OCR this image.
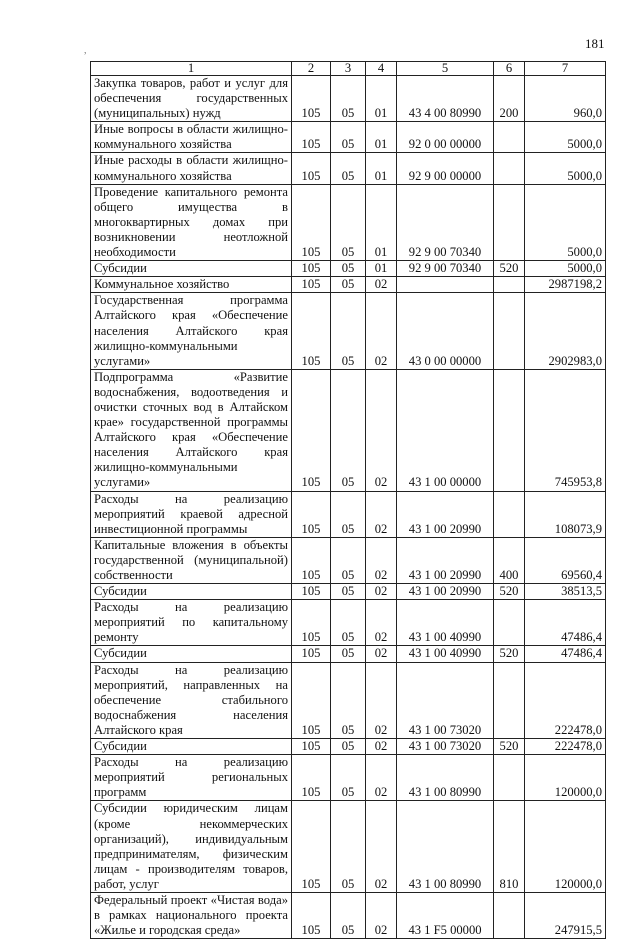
181
,
1	2	3	4	5	6	7
Закупка товаров, работ и услуг для обеспечения государственных (муниципальных) нужд	105	05	01	43 4 00 80990	200	960,0
Иные вопросы в области жилищно-коммунального хозяйства	105	05	01	92 0 00 00000		5000,0
Иные расходы в области жилищно-коммунального хозяйства	105	05	01	92 9 00 00000		5000,0
Проведение капитального ремонта общего имущества в многоквартирных домах при возникновении неотложной необходимости	105	05	01	92 9 00 70340		5000,0
Субсидии	105	05	01	92 9 00 70340	520	5000,0
Коммунальное хозяйство	105	05	02			2987198,2
Государственная программа Алтайского края «Обеспечение населения Алтайского края жилищно-коммунальными услугами»	105	05	02	43 0 00 00000		2902983,0
Подпрограмма «Развитие водоснабжения, водоотведения и очистки сточных вод в Алтайском крае» государственной программы Алтайского края «Обеспечение населения Алтайского края жилищно-коммунальными услугами»	105	05	02	43 1 00 00000		745953,8
Расходы на реализацию мероприятий краевой адресной инвестиционной программы	105	05	02	43 1 00 20990		108073,9
Капитальные вложения в объекты государственной (муниципальной) собственности	105	05	02	43 1 00 20990	400	69560,4
Субсидии	105	05	02	43 1 00 20990	520	38513,5
Расходы на реализацию мероприятий по капитальному ремонту	105	05	02	43 1 00 40990		47486,4
Субсидии	105	05	02	43 1 00 40990	520	47486,4
Расходы на реализацию мероприятий, направленных на обеспечение стабильного водоснабжения населения Алтайского края	105	05	02	43 1 00 73020		222478,0
Субсидии	105	05	02	43 1 00 73020	520	222478,0
Расходы на реализацию мероприятий региональных программ	105	05	02	43 1 00 80990		120000,0
Субсидии юридическим лицам (кроме некоммерческих организаций), индивидуальным предпринимателям, физическим лицам - производителям товаров, работ, услуг	105	05	02	43 1 00 80990	810	120000,0
Федеральный проект «Чистая вода» в рамках национального проекта «Жилье и городская среда»	105	05	02	43 1 F5 00000		247915,5
